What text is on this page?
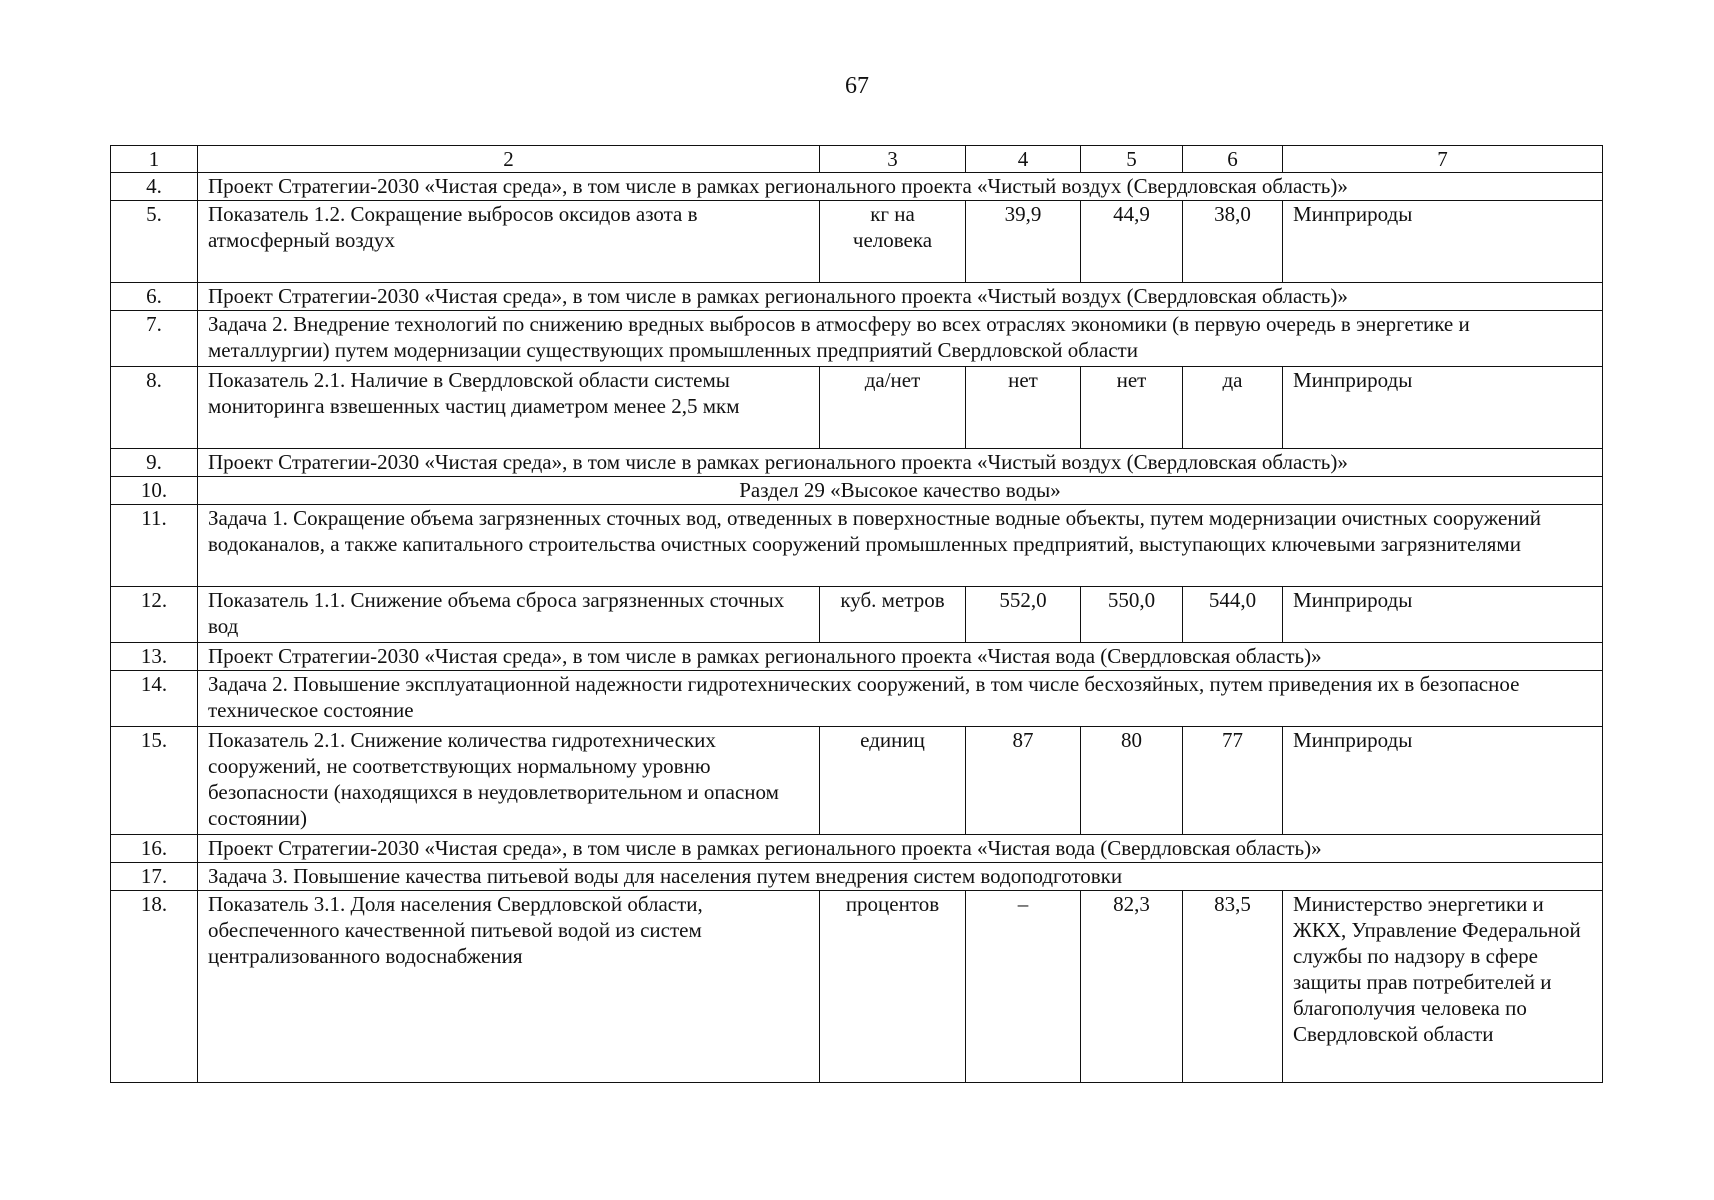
67
1	2	3	4	5	6	7
4.	Проект Стратегии-2030 «Чистая среда», в том числе в рамках регионального проекта «Чистый воздух (Свердловская область)»					
5.	Показатель 1.2. Сокращение выбросов оксидов азота в атмосферный воздух	кг на человека	39,9	44,9	38,0	Минприроды
6.	Проект Стратегии-2030 «Чистая среда», в том числе в рамках регионального проекта «Чистый воздух (Свердловская область)»					
7.	Задача 2. Внедрение технологий по снижению вредных выбросов в атмосферу во всех отраслях экономики (в первую очередь в энергетике и металлургии) путем модернизации существующих промышленных предприятий Свердловской области					
8.	Показатель 2.1. Наличие в Свердловской области системы мониторинга взвешенных частиц диаметром менее 2,5 мкм	да/нет	нет	нет	да	Минприроды
9.	Проект Стратегии-2030 «Чистая среда», в том числе в рамках регионального проекта «Чистый воздух (Свердловская область)»					
10.	Раздел 29 «Высокое качество воды»					
11.	Задача 1. Сокращение объема загрязненных сточных вод, отведенных в поверхностные водные объекты, путем модернизации очистных сооружений водоканалов, а также капитального строительства очистных сооружений промышленных предприятий, выступающих ключевыми загрязнителями					
12.	Показатель 1.1. Снижение объема сброса загрязненных сточных вод	куб. метров	552,0	550,0	544,0	Минприроды
13.	Проект Стратегии-2030 «Чистая среда», в том числе в рамках регионального проекта «Чистая вода (Свердловская область)»					
14.	Задача 2. Повышение эксплуатационной надежности гидротехнических сооружений, в том числе бесхозяйных, путем приведения их в безопасное техническое состояние					
15.	Показатель 2.1. Снижение количества гидротехнических сооружений, не соответствующих нормальному уровню безопасности (находящихся в неудовлетворительном и опасном состоянии)	единиц	87	80	77	Минприроды
16.	Проект Стратегии-2030 «Чистая среда», в том числе в рамках регионального проекта «Чистая вода (Свердловская область)»					
17.	Задача 3. Повышение качества питьевой воды для населения путем внедрения систем водоподготовки					
18.	Показатель 3.1. Доля населения Свердловской области, обеспеченного качественной питьевой водой из систем централизованного водоснабжения	процентов	–	82,3	83,5	Министерство энергетики и ЖКХ, Управление Федеральной службы по надзору в сфере защиты прав потребителей и благополучия человека по Свердловской области
